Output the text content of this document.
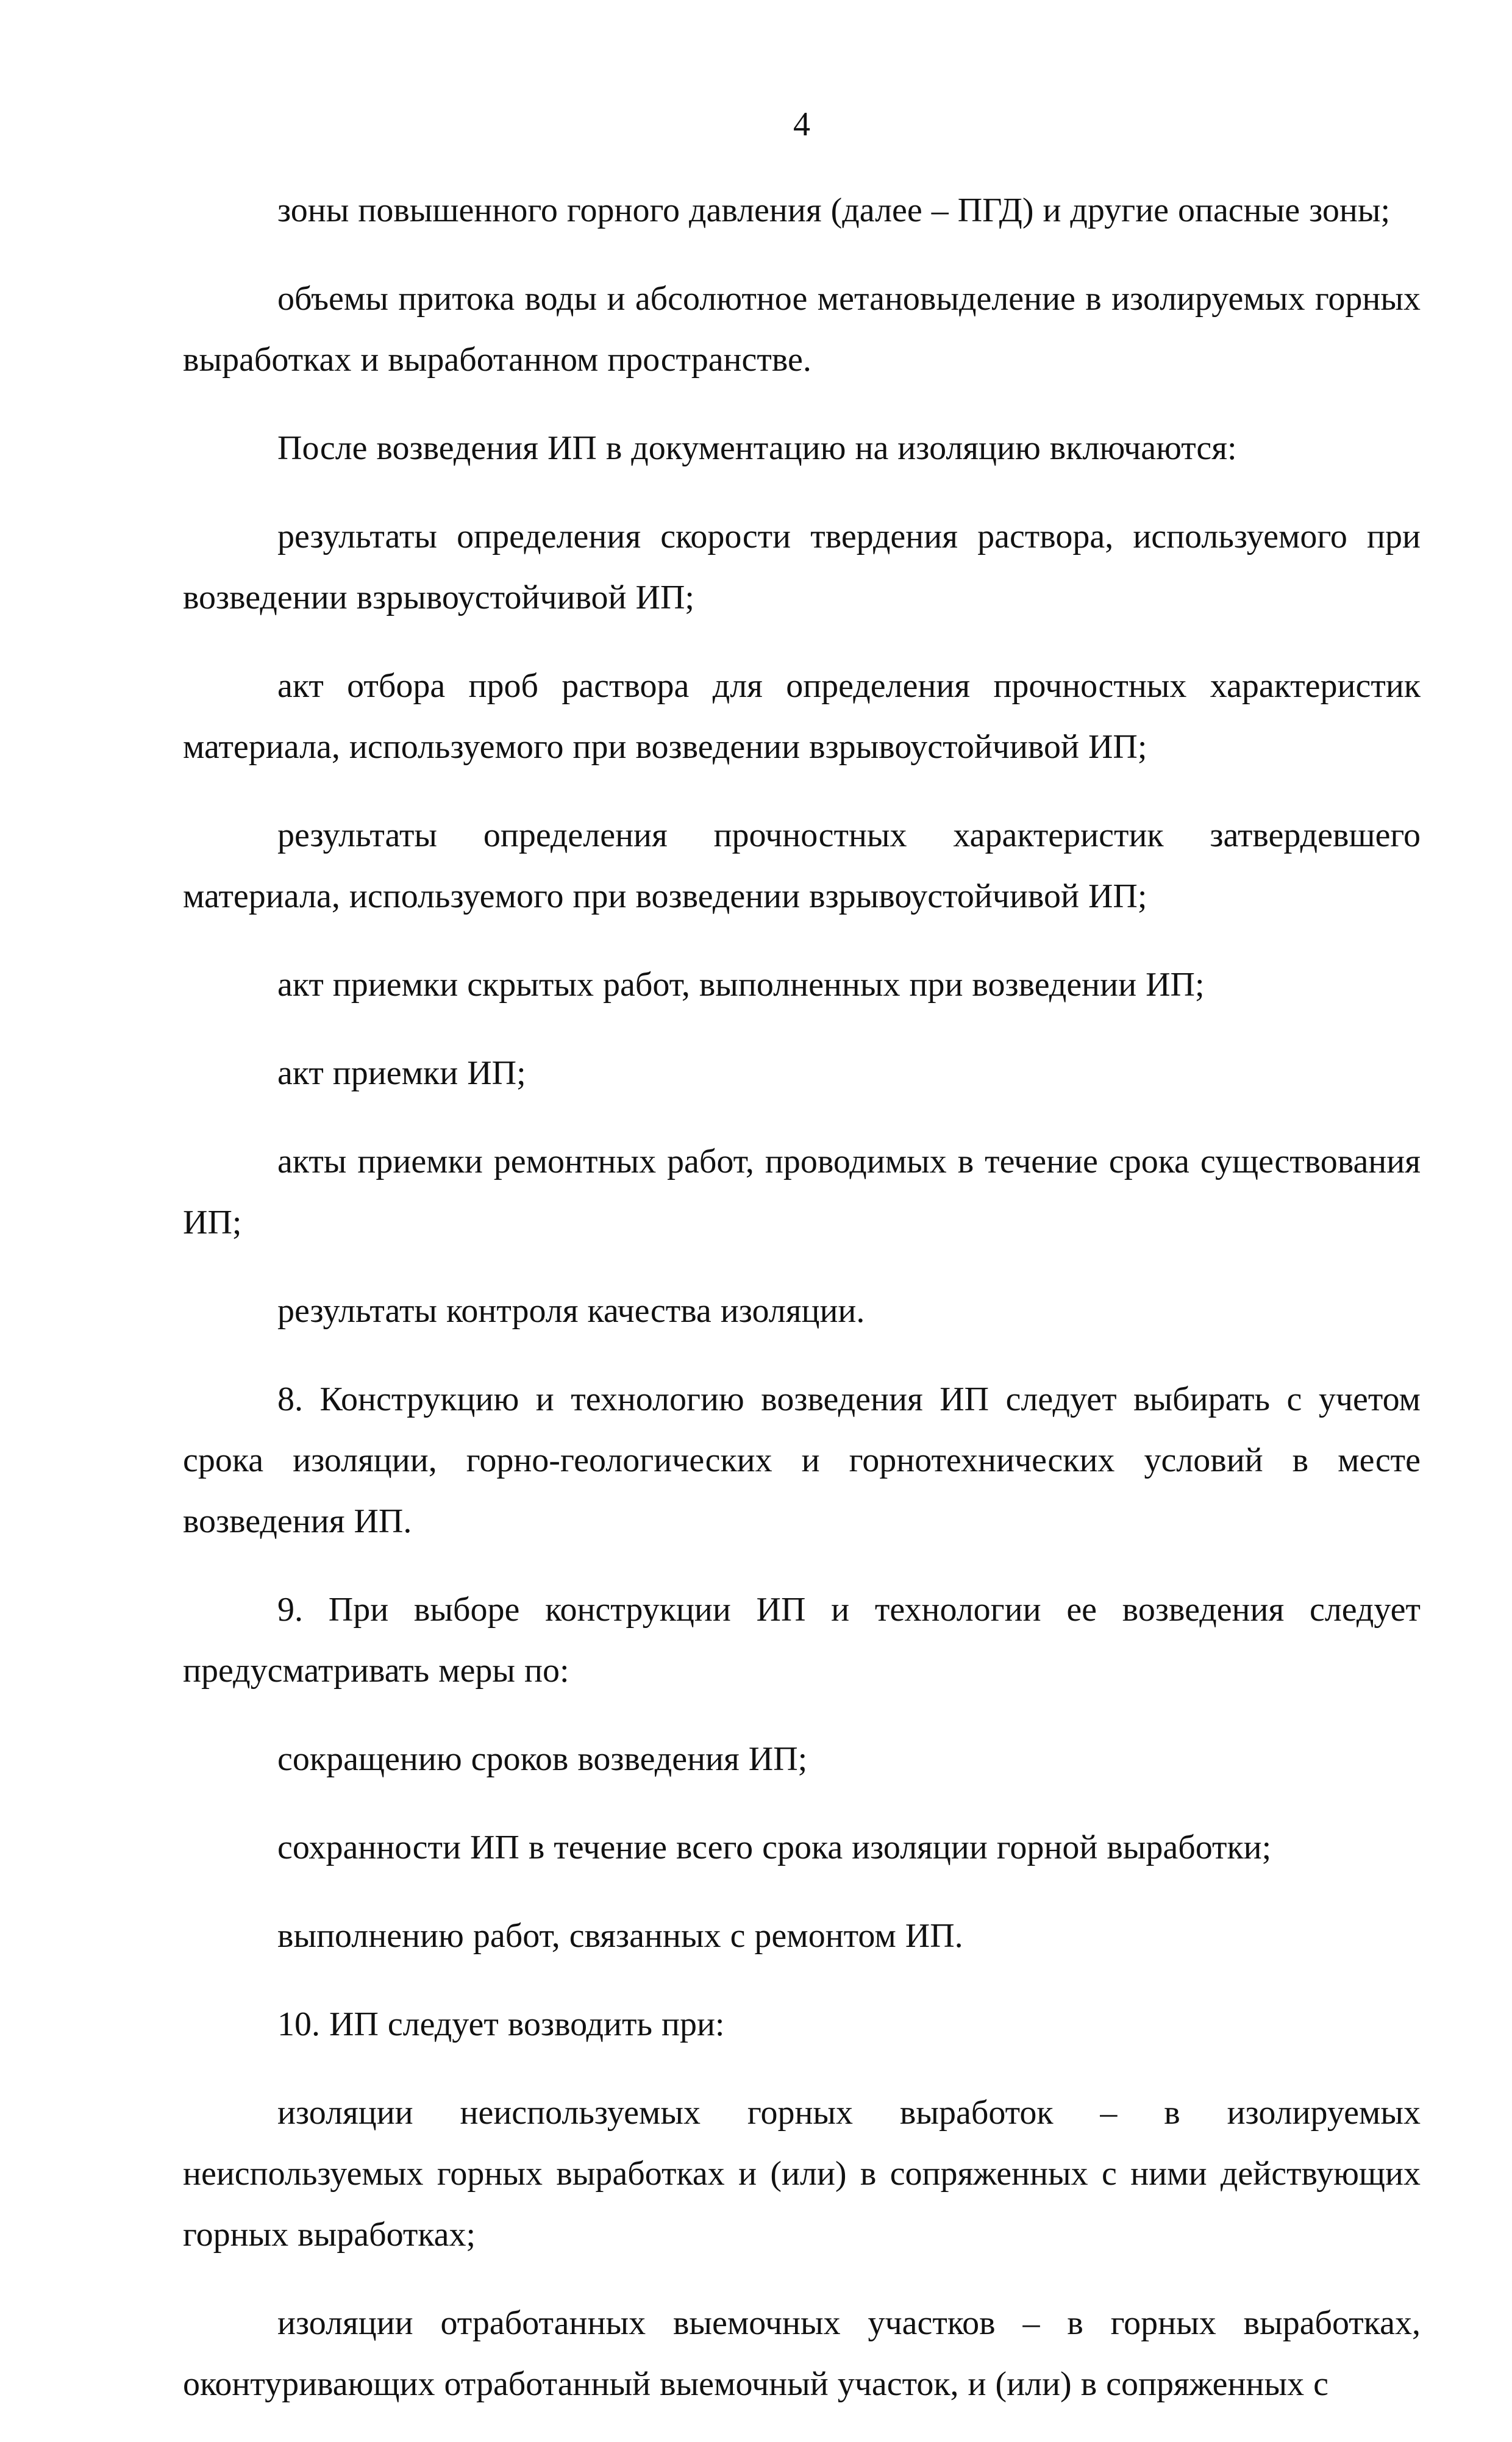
4

зоны повышенного горного давления (далее – ПГД) и другие опасные зоны;

объемы притока воды и абсолютное метановыделение в изолируемых горных выработках и выработанном пространстве.

После возведения ИП в документацию на изоляцию включаются:

результаты определения скорости твердения раствора, используемого при возведении взрывоустойчивой ИП;

акт отбора проб раствора для определения прочностных характеристик материала, используемого при возведении взрывоустойчивой ИП;

результаты определения прочностных характеристик затвердевшего материала, используемого при возведении взрывоустойчивой ИП;

акт приемки скрытых работ, выполненных при возведении ИП;

акт приемки ИП;

акты приемки ремонтных работ, проводимых в течение срока существования ИП;

результаты контроля качества изоляции.

8. Конструкцию и технологию возведения ИП следует выбирать с учетом срока изоляции, горно-геологических и горнотехнических условий в месте возведения ИП.

9. При выборе конструкции ИП и технологии ее возведения следует предусматривать меры по:

сокращению сроков возведения ИП;

сохранности ИП в течение всего срока изоляции горной выработки;

выполнению работ, связанных с ремонтом ИП.

10. ИП следует возводить при:

изоляции неиспользуемых горных выработок – в изолируемых неиспользуемых горных выработках и (или) в сопряженных с ними действующих горных выработках;

изоляции отработанных выемочных участков – в горных выработках, оконтуривающих отработанный выемочный участок, и (или) в сопряженных с
